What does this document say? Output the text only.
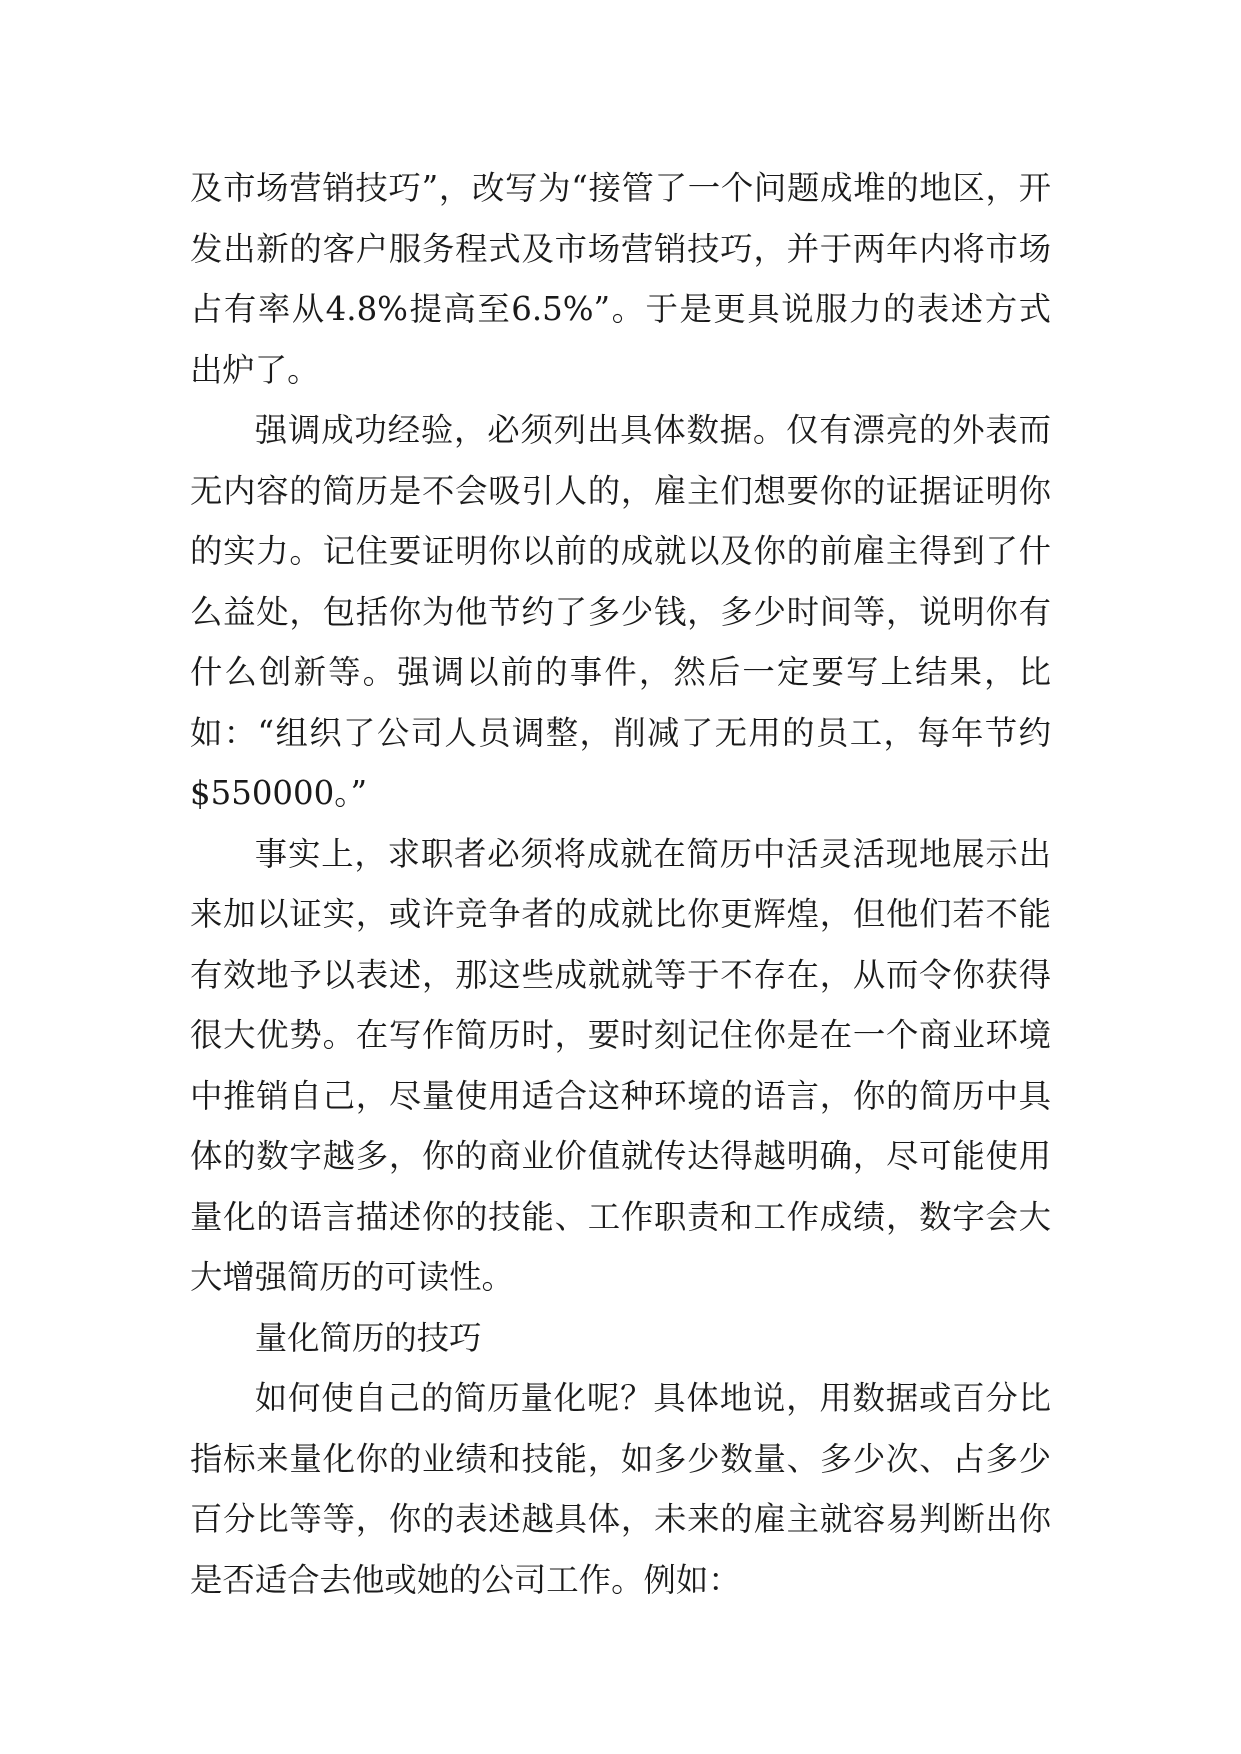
及市场营销技巧”，改写为“接管了一个问题成堆的地区，开发出新的客户服务程式及市场营销技巧，并于两年内将市场占有率从4.8%提高至6.5%”。于是更具说服力的表述方式出炉了。

强调成功经验，必须列出具体数据。仅有漂亮的外表而无内容的简历是不会吸引人的，雇主们想要你的证据证明你的实力。记住要证明你以前的成就以及你的前雇主得到了什么益处，包括你为他节约了多少钱，多少时间等，说明你有什么创新等。强调以前的事件，然后一定要写上结果，比如：“组织了公司人员调整，削减了无用的员工，每年节约$550000。”

事实上，求职者必须将成就在简历中活灵活现地展示出来加以证实，或许竞争者的成就比你更辉煌，但他们若不能有效地予以表述，那这些成就就等于不存在，从而令你获得很大优势。在写作简历时，要时刻记住你是在一个商业环境中推销自己，尽量使用适合这种环境的语言，你的简历中具体的数字越多，你的商业价值就传达得越明确，尽可能使用量化的语言描述你的技能、工作职责和工作成绩，数字会大大增强简历的可读性。

量化简历的技巧

如何使自己的简历量化呢？具体地说，用数据或百分比指标来量化你的业绩和技能，如多少数量、多少次、占多少百分比等等，你的表述越具体，未来的雇主就容易判断出你是否适合去他或她的公司工作。例如：
